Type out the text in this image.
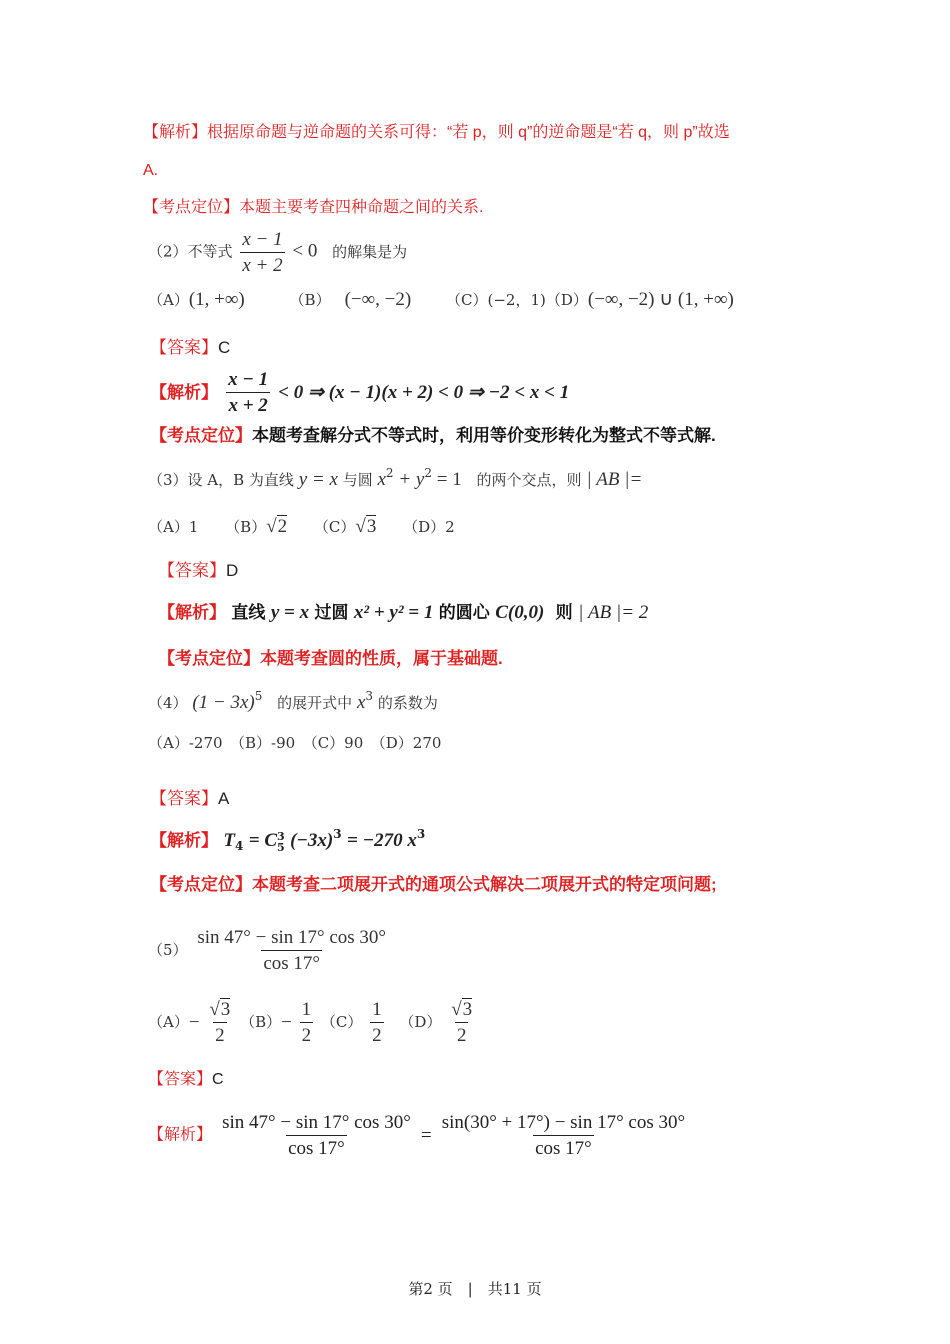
【解析】根据原命题与逆命题的关系可得：“若 p，则 q”的逆命题是“若 q，则 p”故选
A.
【考点定位】本题主要考查四种命题之间的关系.
（2）不等式 $\frac{x - 1}{x + 2} < 0$ 的解集是为
（A）(1, +∞)	（B） (−∞, −2) （C）(−2，1)（D）(−∞, −2) ∪ (1, +∞)
【答案】C
【解析】 $\frac{x - 1}{x + 2} < 0$ ⇒ (x − 1)(x + 2) < 0 ⇒ −2 < x < 1
【考点定位】本题考查解分式不等式时，利用等价变形转化为整式不等式解.
（3）设 A，B 为直线 y = x 与圆 $x^2 + y^2 = 1$ 的两个交点，则 | AB |=
（A）1 （B）√2 （C）√3 （D）2
【答案】D
【解析】 直线 y = x 过圆 x² + y² = 1 的圆心 C(0,0) 则 | AB |= 2
【考点定位】本题考查圆的性质，属于基础题.
（4） $(1 - 3x)^5$ 的展开式中 $x^3$ 的系数为
（A）-270　（B）-90　（C）90　（D）270
【答案】A
【解析】 $T_4 = C$ 3
5 $(-3x)^3 = -270$ $x^3$
【考点定位】本题考查二项展开式的通项公式解决二项展开式的特定项问题;
$(5) \frac{\sin 47^\circ - \sin 17^\circ \cos 30^\circ}{\cos 17^\circ}$
$(A)- \frac{√3}{2} (B)- \frac{1}{2} (C) \frac{1}{2} (D) \frac{√3}{2}$
【答案】C
【解析】 $\frac{\sin 47^\circ - \sin 17^\circ \cos 30^\circ}{\cos 17^\circ} = \frac{\sin(30^\circ + 17^\circ) - \sin 17^\circ \cos 30^\circ}{\cos 17^\circ}$
第2 页　|　共11 页
